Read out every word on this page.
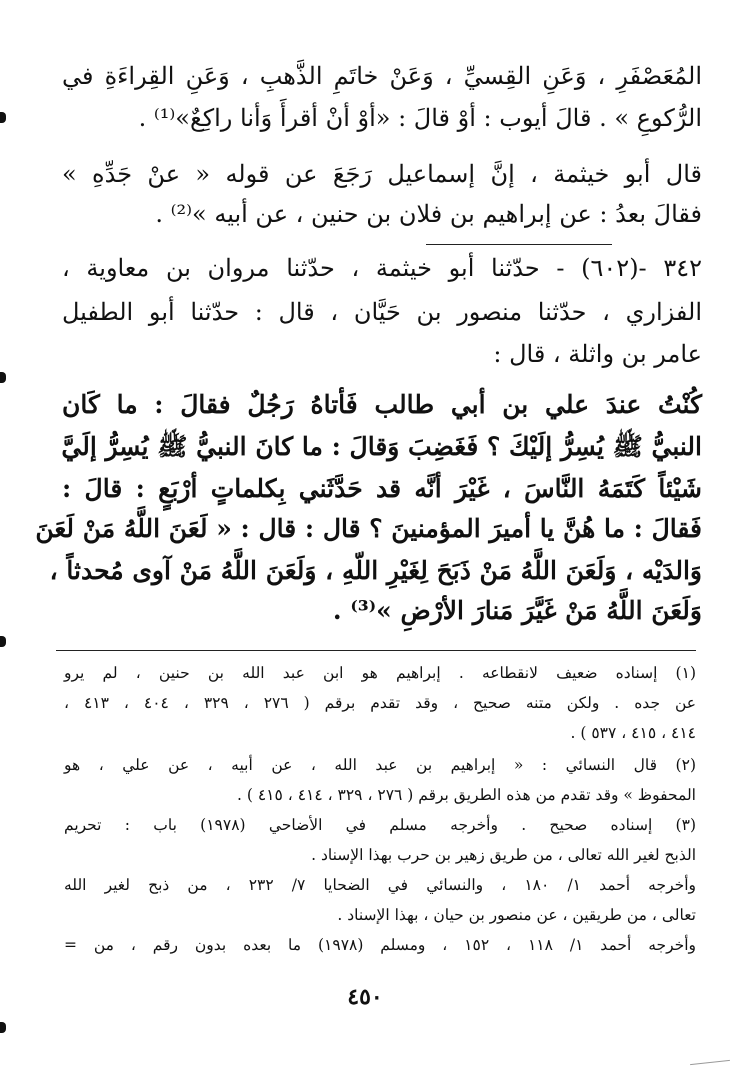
المُعَصْفَرِ ، وَعَنِ القِسيِّ ، وَعَنْ خاتَمِ الذَّهبِ ، وَعَنِ القِراءَةِ في
الرُّكوعِ » . قالَ أيوب : أوْ قالَ : «أوْ أنْ أقرأَ وَأنا راكِعٌ»⁽¹⁾ .
قال أبو خيثمة ، إنَّ إسماعيل رَجَعَ عن قوله « عنْ جَدِّهِ »
فقالَ بعدُ : عن إبراهيم بن فلان بن حنين ، عن أبيه »⁽²⁾ .
٣٤٢ -(٦٠٢) - حدّثنا أبو خيثمة ، حدّثنا مروان بن معاوية ،
الفزاري ، حدّثنا منصور بن حَيَّان ، قال : حدّثنا أبو الطفيل
عامر بن واثلة ، قال :
كُنْتُ عندَ علي بن أبي طالب فَأتاهُ رَجُلٌ فقالَ : ما كَان
النبيُّ ﷺ يُسِرُّ إلَيْكَ ؟ فَغَضِبَ وَقالَ : ما كانَ النبيُّ ﷺ يُسِرُّ إلَيَّ
شَيْئاً كَتَمَهُ النَّاسَ ، غَيْرَ أنَّه قد حَدَّثَني بِكلماتٍ أرْبَعٍ : قالَ :
فَقالَ : ما هُنَّ يا أميرَ المؤمنينَ ؟ قال : قال : « لَعَنَ اللَّهُ مَنْ لَعَنَ
وَالدَيْه ، وَلَعَنَ اللَّهُ مَنْ ذَبَحَ لِغَيْرِ اللّهِ ، وَلَعَنَ اللَّهُ مَنْ آوى مُحدثاً ،
وَلَعَنَ اللَّهُ مَنْ غَيَّرَ مَنارَ الأرْضِ »⁽³⁾ .
(١) إسناده ضعيف لانقطاعه . إبراهيم هو ابن عبد الله بن حنين ، لم يرو
عن جده . ولكن متنه صحيح ، وقد تقدم برقم ( ٢٧٦ ، ٣٢٩ ، ٤٠٤ ، ٤١٣ ،
٤١٤ ، ٤١٥ ، ٥٣٧ ) .
(٢) قال النسائي : « إبراهيم بن عبد الله ، عن أبيه ، عن علي ، هو
المحفوظ » وقد تقدم من هذه الطريق برقم ( ٢٧٦ ، ٣٢٩ ، ٤١٤ ، ٤١٥ ) .
(٣) إسناده صحيح . وأخرجه مسلم في الأضاحي (١٩٧٨) باب : تحريم
الذبح لغير الله تعالى ، من طريق زهير بن حرب بهذا الإسناد .
وأخرجه أحمد ١/ ١٨٠ ، والنسائي في الضحايا ٧/ ٢٣٢ ، من ذبح لغير الله
تعالى ، من طريقين ، عن منصور بن حيان ، بهذا الإسناد .
وأخرجه أحمد ١/ ١١٨ ، ١٥٢ ، ومسلم (١٩٧٨) ما بعده بدون رقم ، من =
٤٥٠
